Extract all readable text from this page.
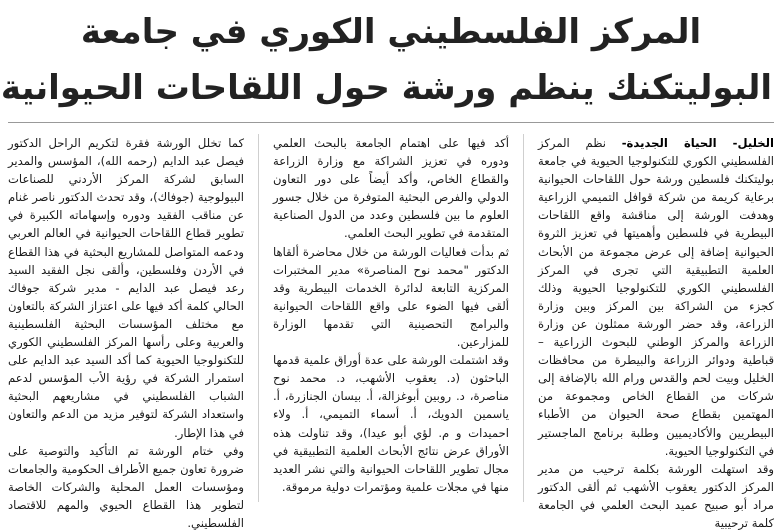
المركز الفلسطيني الكوري في جامعة
البوليتكنك ينظم ورشة حول اللقاحات الحيوانية

الخليل- الحياة الجديدة- نظم المركز الفلسطيني الكوري للتكنولوجيا الحيوية في جامعة بوليتكنك فلسطين ورشة حول اللقاحات الحيوانية برعاية كريمة من شركة قوافل التميمي الزراعية وهدفت الورشة إلى مناقشة واقع اللقاحات البيطرية في فلسطين وأهميتها في تعزيز الثروة الحيوانية إضافة إلى عرض مجموعة من الأبحاث العلمية التطبيقية التي تجرى في المركز الفلسطيني الكوري للتكنولوجيا الحيوية وذلك كجزء من الشراكة بين المركز وبين وزارة الزراعة، وقد حضر الورشة ممثلون عن وزارة الزراعة والمركز الوطني للبحوث الزراعية – قباطية ودوائر الزراعة والبيطرة من محافظات الخليل وبيت لحم والقدس ورام الله بالإضافة إلى شركات من القطاع الخاص ومجموعة من المهتمين بقطاع صحة الحيوان من الأطباء البيطريين والأكاديميين وطلبة برنامج الماجستير في التكنولوجيا الحيوية.

وقد استهلت الورشة بكلمة ترحيب من مدير المركز الدكتور يعقوب الأشهب ثم ألقى الدكتور مراد أبو صبيح عميد البحث العلمي في الجامعة كلمة ترحيبية

أكد فيها على اهتمام الجامعة بالبحث العلمي ودوره في تعزيز الشراكة مع وزارة الزراعة والقطاع الخاص، وأكد أيضاً على دور التعاون الدولي والفرص البحثية المتوفرة من خلال جسور العلوم ما بين فلسطين وعدد من الدول الصناعية المتقدمة في تطوير البحث العلمي.

ثم بدأت فعاليات الورشة من خلال محاضرة ألقاها الدكتور "محمد نوح المناصرة» مدير المختبرات المركزية التابعة لدائرة الخدمات البيطرية وقد ألقى فيها الضوء على واقع اللقاحات الحيوانية والبرامج التحصينية التي تقدمها الوزارة للمزارعين.

وقد اشتملت الورشة على عدة أوراق علمية قدمها الباحثون (د. يعقوب الأشهب، د. محمد نوح مناصرة، د. روبين أبوغزالة، أ. بيسان الجنازرة، أ. ياسمين الدويك، أ. أسماء التميمي، أ. ولاء احميدات و م. لؤي أبو عيدا)، وقد تناولت هذه الأوراق عرض نتائج الأبحاث العلمية التطبيقية في مجال تطوير اللقاحات الحيوانية والتي نشر العديد منها في مجلات علمية ومؤتمرات دولية مرموقة.

كما تخلل الورشة فقرة لتكريم الراحل الدكتور فيصل عبد الدايم (رحمه الله)، المؤسس والمدير السابق لشركة المركز الأردني للصناعات البيولوجية (جوفاك)، وقد تحدث الدكتور ناصر غنام عن مناقب الفقيد ودوره وإسهاماته الكبيرة في تطوير قطاع اللقاحات الحيوانية في العالم العربي ودعمه المتواصل للمشاريع البحثية في هذا القطاع في الأردن وفلسطين، وألقى نجل الفقيد السيد رعد فيصل عبد الدايم - مدير شركة جوفاك الحالي كلمة أكد فيها على اعتزاز الشركة بالتعاون مع مختلف المؤسسات البحثية الفلسطينية والعربية وعلى رأسها المركز الفلسطيني الكوري للتكنولوجيا الحيوية كما أكد السيد عبد الدايم على استمرار الشركة في رؤية الأب المؤسس لدعم الشباب الفلسطيني في مشاريعهم البحثية واستعداد الشركة لتوفير مزيد من الدعم والتعاون في هذا الإطار.

وفي ختام الورشة تم التأكيد والتوصية على ضرورة تعاون جميع الأطراف الحكومية والجامعات ومؤسسات العمل المحلية والشركات الخاصة لتطوير هذا القطاع الحيوي والمهم للاقتصاد الفلسطيني.
